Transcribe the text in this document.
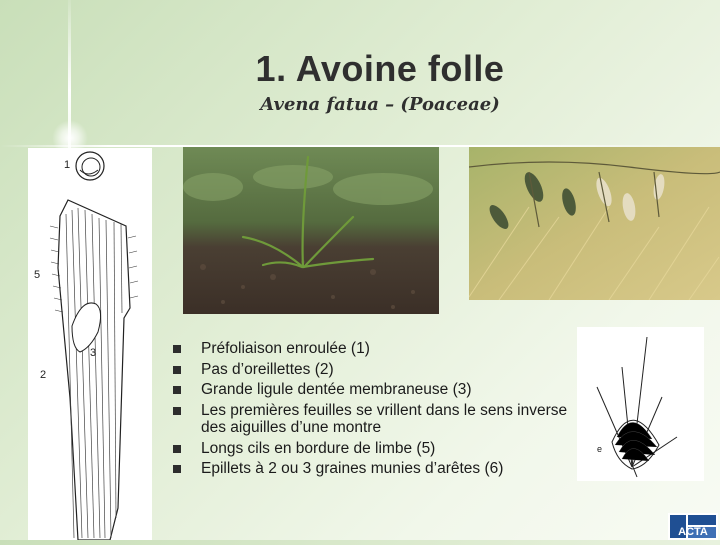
1. Avoine folle
Avena fatua – (Poaceae)
1
5
3
2
e
Préfoliaison enroulée (1)
Pas d’oreillettes (2)
Grande ligule dentée membraneuse (3)
Les premières feuilles se vrillent dans le sens inverse des aiguilles d’une montre
Longs cils en bordure de limbe (5)
Epillets à 2 ou 3 graines munies d’arêtes (6)
ACTA
